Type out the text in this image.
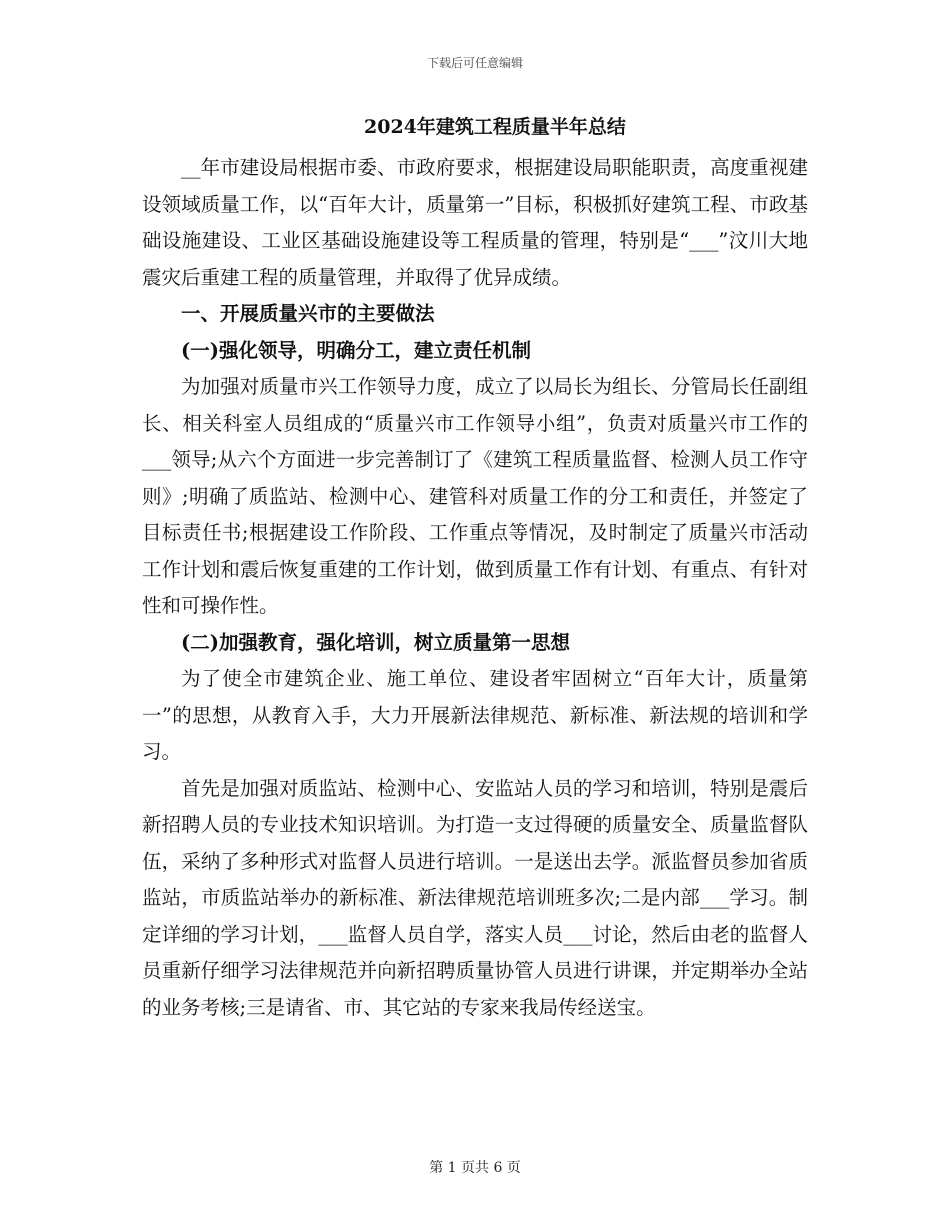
下载后可任意编辑
2024年建筑工程质量半年总结

__年市建设局根据市委、市政府要求，根据建设局职能职责，高度重视建设领域质量工作，以“百年大计，质量第一”目标，积极抓好建筑工程、市政基础设施建设、工业区基础设施建设等工程质量的管理，特别是“___”汶川大地震灾后重建工程的质量管理，并取得了优异成绩。

一、开展质量兴市的主要做法

(一)强化领导，明确分工，建立责任机制

为加强对质量市兴工作领导力度，成立了以局长为组长、分管局长任副组长、相关科室人员组成的“质量兴市工作领导小组”，负责对质量兴市工作的___领导;从六个方面进一步完善制订了《建筑工程质量监督、检测人员工作守则》;明确了质监站、检测中心、建管科对质量工作的分工和责任，并签定了目标责任书;根据建设工作阶段、工作重点等情况，及时制定了质量兴市活动工作计划和震后恢复重建的工作计划，做到质量工作有计划、有重点、有针对性和可操作性。

(二)加强教育，强化培训，树立质量第一思想

为了使全市建筑企业、施工单位、建设者牢固树立“百年大计，质量第一”的思想，从教育入手，大力开展新法律规范、新标准、新法规的培训和学习。

首先是加强对质监站、检测中心、安监站人员的学习和培训，特别是震后新招聘人员的专业技术知识培训。为打造一支过得硬的质量安全、质量监督队伍，采纳了多种形式对监督人员进行培训。一是送出去学。派监督员参加省质监站，市质监站举办的新标准、新法律规范培训班多次;二是内部___学习。制定详细的学习计划，___监督人员自学，落实人员___讨论，然后由老的监督人员重新仔细学习法律规范并向新招聘质量协管人员进行讲课，并定期举办全站的业务考核;三是请省、市、其它站的专家来我局传经送宝。

第 1 页共 6 页
